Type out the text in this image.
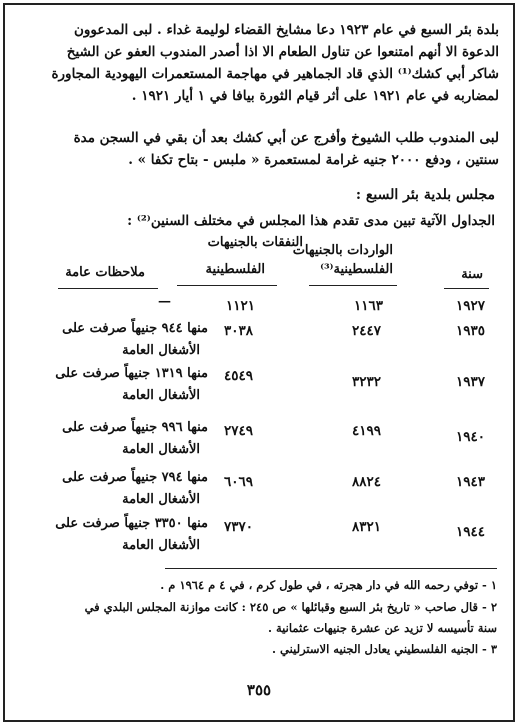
بلدة بئر السبع في عام ١٩٢٣ دعا مشايخ القضاء لوليمة غداء . لبى المدعوون
الدعوة الا أنهم امتنعوا عن تناول الطعام الا اذا أصدر المندوب العفو عن الشيخ
شاكر أبي كشك⁽¹⁾ الذي قاد الجماهير في مهاجمة المستعمرات اليهودية المجاورة
لمضاربه في عام ١٩٢١ على أثر قيام الثورة بيافا في ١ أيار ١٩٢١ .
لبى المندوب طلب الشيوخ وأفرج عن أبي كشك بعد أن بقي في السجن مدة
سنتين ، ودفع ٢٠٠٠ جنيه غرامة لمستعمرة « ملبس - بتاح تكفا » .
مجلس بلدية بئر السبع :
الجداول الآتية تبين مدى تقدم هذا المجلس في مختلف السنين⁽²⁾ :
الواردات بالجنيهات
النفقات بالجنيهات
سنة
الفلسطينية⁽³⁾
الفلسطينية
ملاحظات عامة
١٩٢٧
١١٦٣
١١٢١
—
١٩٣٥
٢٤٤٧
٣٠٣٨
منها ٩٤٤ جنيهاً صرفت على
الأشغال العامة
١٩٣٧
٣٢٣٢
٤٥٤٩
منها ١٣١٩ جنيهاً صرفت على
الأشغال العامة
١٩٤٠
٤١٩٩
٢٧٤٩
منها ٩٩٦ جنيهاً صرفت على
الأشغال العامة
١٩٤٣
٨٨٢٤
٦٠٦٩
منها ٧٩٤ جنيهاً صرفت على
الأشغال العامة
١٩٤٤
٨٣٢١
٧٣٧٠
منها ٣٣٥٠ جنيهاً صرفت على
الأشغال العامة
١ - توفي رحمه الله في دار هجرته ، في طول كرم ، في ٤ م ١٩٦٤ م .
٢ - قال صاحب « تاريخ بئر السبع وقبائلها » ص ٢٤٥ : كانت موازنة المجلس البلدي في
سنة تأسيسه لا تزيد عن عشرة جنيهات عثمانية .
٣ - الجنيه الفلسطيني يعادل الجنيه الاسترليني .
٣٥٥
